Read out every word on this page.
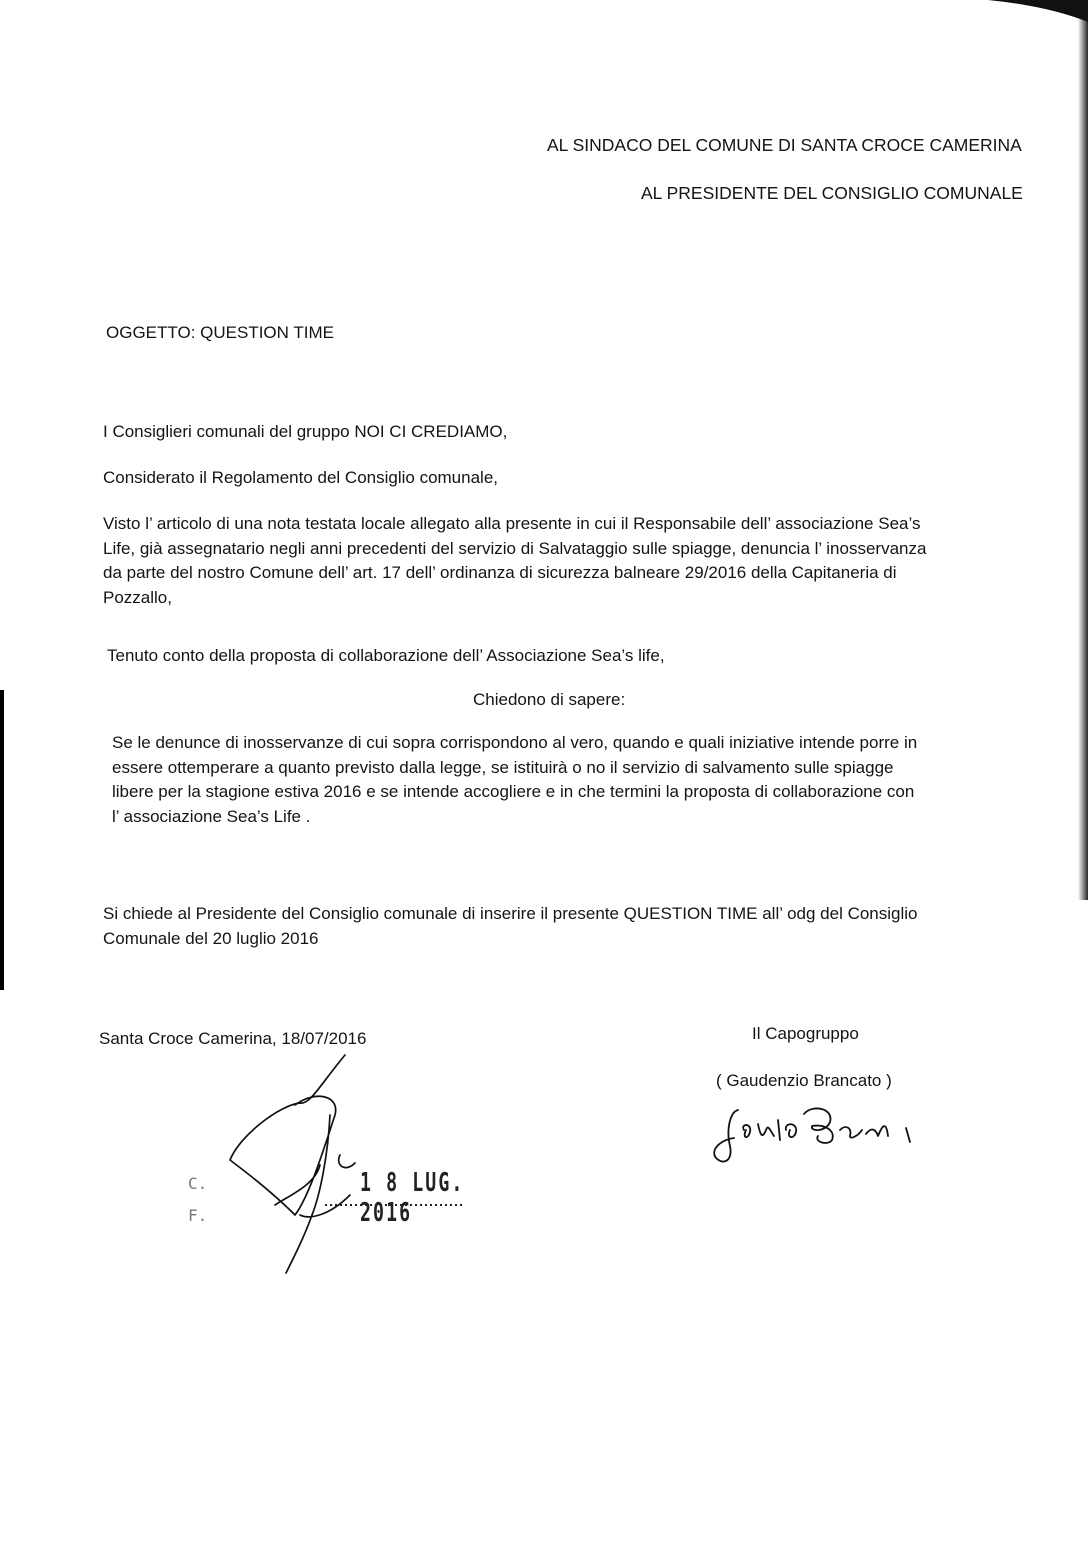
AL SINDACO DEL COMUNE DI SANTA CROCE CAMERINA
AL PRESIDENTE DEL CONSIGLIO COMUNALE
OGGETTO: QUESTION TIME
I Consiglieri comunali del gruppo NOI CI CREDIAMO,
Considerato il Regolamento del Consiglio comunale,
Visto l’ articolo di una nota testata locale allegato alla presente in cui il Responsabile dell’ associazione Sea’s
Life, già assegnatario negli anni precedenti del servizio di Salvataggio sulle spiagge, denuncia l’ inosservanza
da parte del nostro Comune dell’ art. 17 dell’ ordinanza di sicurezza balneare 29/2016 della Capitaneria di
Pozzallo,
Tenuto conto della proposta di collaborazione dell’ Associazione Sea’s life,
Chiedono di sapere:
Se le denunce di inosservanze di cui sopra corrispondono al vero, quando e quali iniziative intende porre in
essere ottemperare a quanto previsto dalla legge, se istituirà o no il servizio di salvamento sulle spiagge
libere per la stagione estiva 2016 e se intende accogliere e in che termini la proposta di collaborazione con
l’ associazione Sea’s Life .
Si chiede al Presidente del Consiglio comunale di inserire il presente QUESTION TIME all’ odg del Consiglio
Comunale del 20 luglio 2016
Santa Croce Camerina, 18/07/2016	Il Capogruppo
( Gaudenzio Brancato )
C.
F.
1 8 LUG. 2016
